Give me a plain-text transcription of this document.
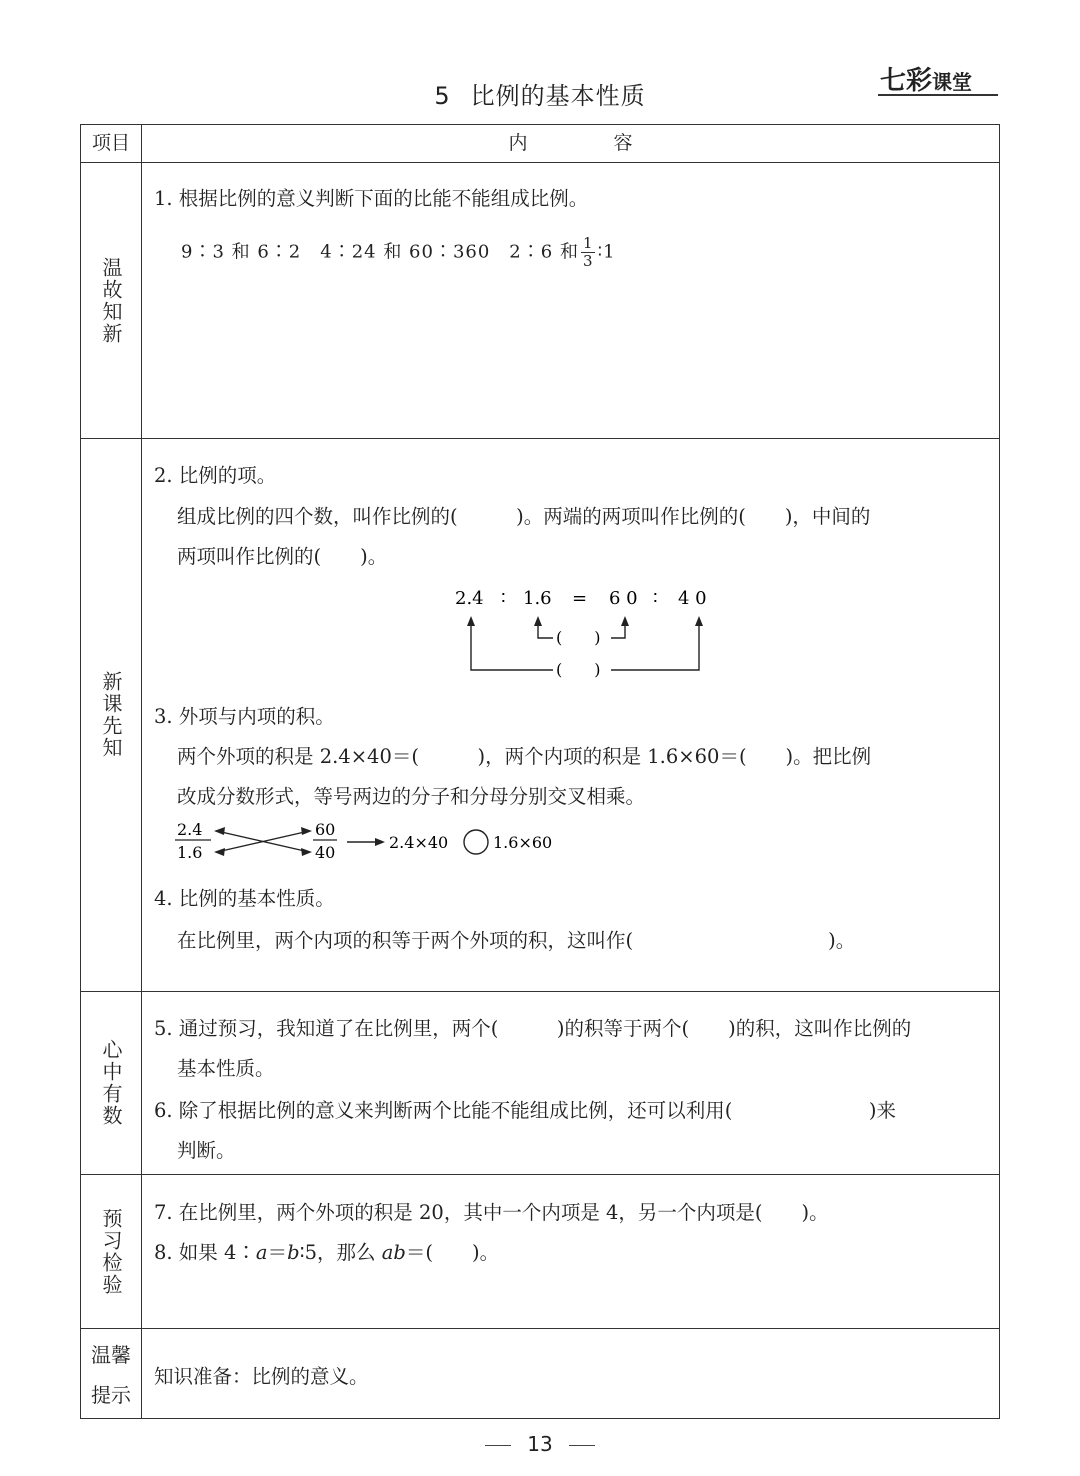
5 比例的基本性质	七彩课堂
项目	内 容
温故知新
1. 根据比例的意义判断下面的比能不能组成比例。
9∶3 和 6∶2　4∶24 和 60∶360　2∶6 和 $\frac{1}{3}$ ∶1
新课先知
2. 比例的项。
组成比例的四个数，叫作比例的(　　　)。两端的两项叫作比例的(　　)，中间的
两项叫作比例的(　　)。
2.4 ∶ 1.6 = 6 0 ∶ 4 0
(　　)
(　　)
3. 外项与内项的积。
两个外项的积是 2.4×40＝(　　　)，两个内项的积是 1.6×60＝(　　)。把比例
改成分数形式，等号两边的分子和分母分别交叉相乘。
2.4
1.6
60
40
2.4×40	1.6×60
4. 比例的基本性质。
在比例里，两个内项的积等于两个外项的积，这叫作(　　　　　　　　　　)。
心中有数
5. 通过预习，我知道了在比例里，两个(　　　)的积等于两个(　　)的积，这叫作比例的
基本性质。
6. 除了根据比例的意义来判断两个比能不能组成比例，还可以利用(　　　　　　　)来
判断。
预习检验 7. 在比例里，两个外项的积是 20，其中一个内项是 4，另一个内项是(　　)。
8. 如果 4∶a＝b∶5，那么 ab＝(　　)。
温馨
提示
知识准备：比例的意义。
13
